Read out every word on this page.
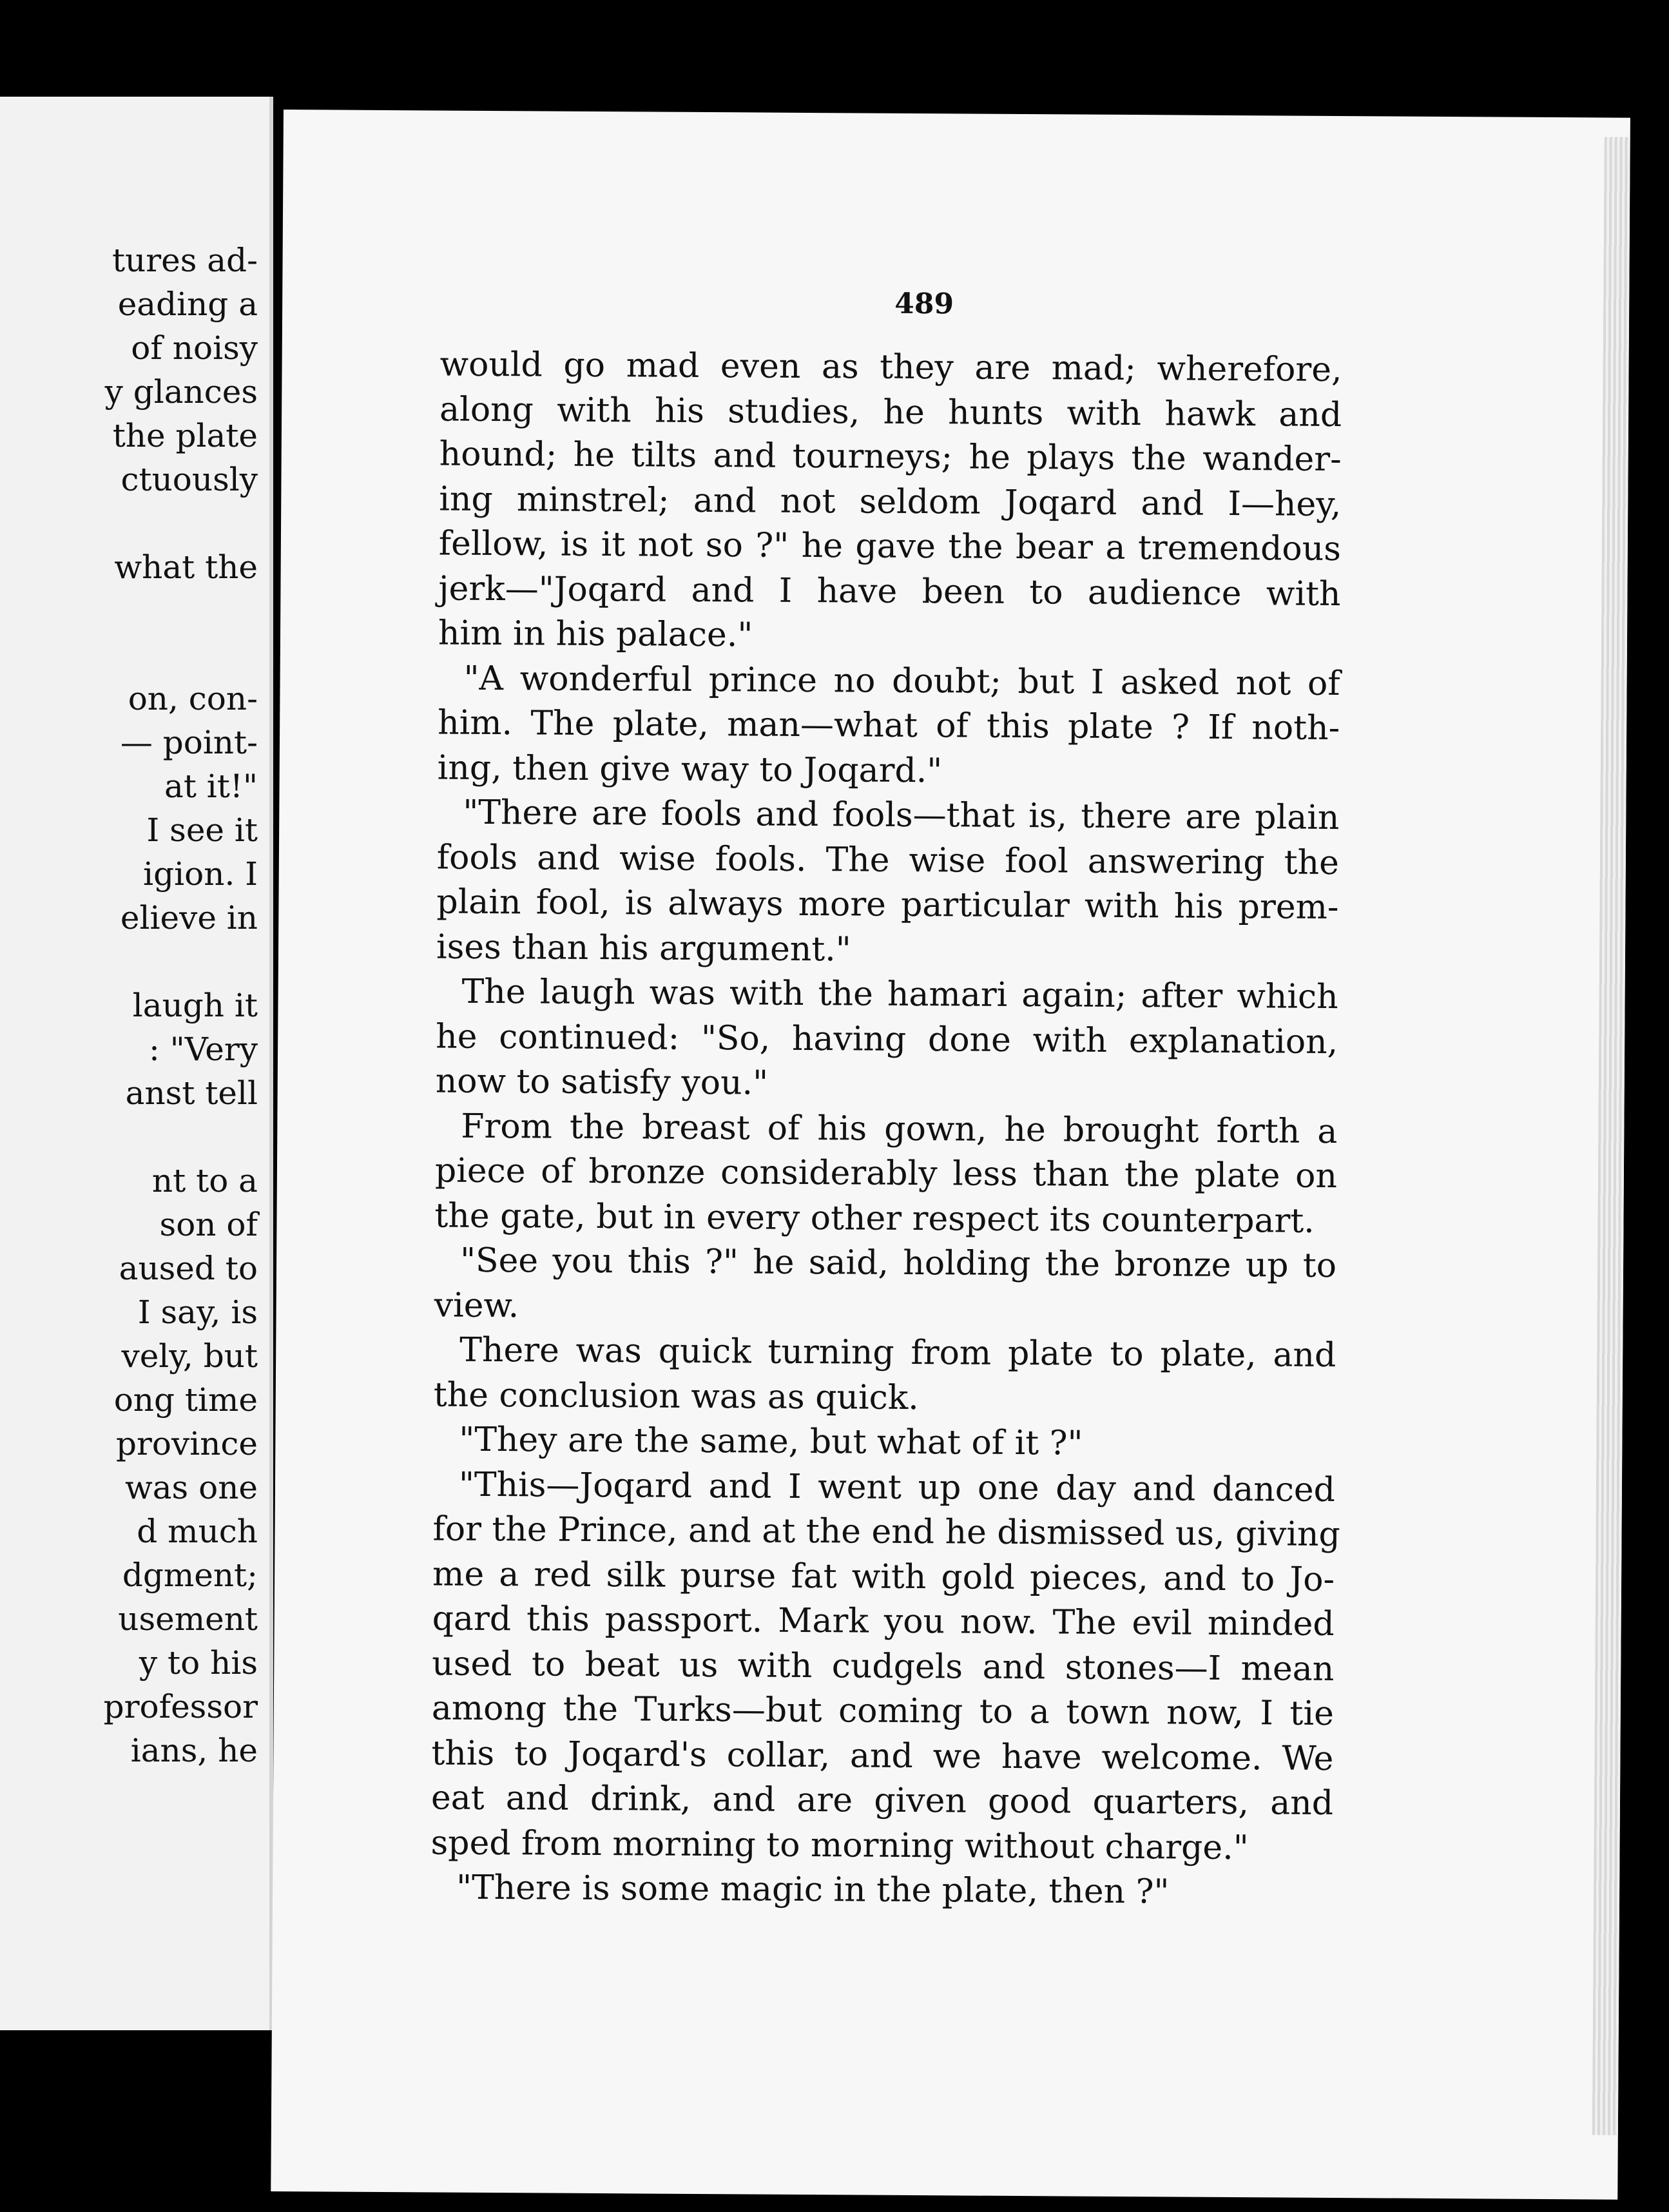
tures ad-
eading a
of noisy
y glances
the plate
ctuously
what the
on, con-
— point-
at it!"
I see it
igion. I
elieve in
laugh it
: "Very
anst tell
nt to a
son of
aused to
I say, is
vely, but
ong time
province
was one
d much
dgment;
usement
y to his
professor
ians, he
489
would go mad even as they are mad; wherefore,
along with his studies, he hunts with hawk and
hound; he tilts and tourneys; he plays the wander-
ing minstrel; and not seldom Joqard and I—hey,
fellow, is it not so ?" he gave the bear a tremendous
jerk—"Joqard and I have been to audience with
him in his palace."
"A wonderful prince no doubt; but I asked not of
him. The plate, man—what of this plate ? If noth-
ing, then give way to Joqard."
"There are fools and fools—that is, there are plain
fools and wise fools. The wise fool answering the
plain fool, is always more particular with his prem-
ises than his argument."
The laugh was with the hamari again; after which
he continued: "So, having done with explanation,
now to satisfy you."
From the breast of his gown, he brought forth a
piece of bronze considerably less than the plate on
the gate, but in every other respect its counterpart.
"See you this ?" he said, holding the bronze up to
view.
There was quick turning from plate to plate, and
the conclusion was as quick.
"They are the same, but what of it ?"
"This—Joqard and I went up one day and danced
for the Prince, and at the end he dismissed us, giving
me a red silk purse fat with gold pieces, and to Jo-
qard this passport. Mark you now. The evil minded
used to beat us with cudgels and stones—I mean
among the Turks—but coming to a town now, I tie
this to Joqard's collar, and we have welcome. We
eat and drink, and are given good quarters, and
sped from morning to morning without charge."
"There is some magic in the plate, then ?"
